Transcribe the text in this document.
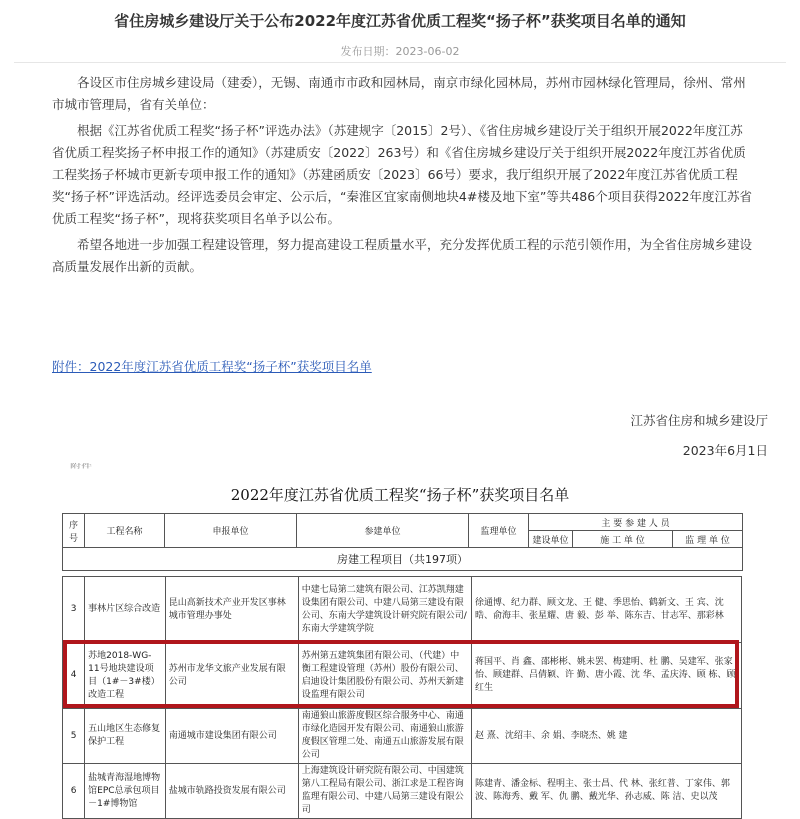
省住房城乡建设厅关于公布2022年度江苏省优质工程奖“扬子杯”获奖项目名单的通知
发布日期：2023-06-02

各设区市住房城乡建设局（建委），无锡、南通市市政和园林局，南京市绿化园林局，苏州市园林绿化管理局，徐州、常州市城市管理局，省有关单位：

根据《江苏省优质工程奖“扬子杯”评选办法》（苏建规字〔2015〕2号）、《省住房城乡建设厅关于组织开展2022年度江苏省优质工程奖扬子杯申报工作的通知》（苏建质安〔2022〕263号）和《省住房城乡建设厅关于组织开展2022年度江苏省优质工程奖扬子杯城市更新专项申报工作的通知》（苏建函质安〔2023〕66号）要求，我厅组织开展了2022年度江苏省优质工程奖“扬子杯”评选活动。经评选委员会审定、公示后，“秦淮区宜家南侧地块4#楼及地下室”等共486个项目获得2022年度江苏省优质工程奖“扬子杯”，现将获奖项目名单予以公布。

希望各地进一步加强工程建设管理，努力提高建设工程质量水平，充分发挥优质工程的示范引领作用，为全省住房城乡建设高质量发展作出新的贡献。

附件：2022年度江苏省优质工程奖“扬子杯”获奖项目名单
江苏省住房和城乡建设厅
2023年6月1日
附件
2022年度江苏省优质工程奖“扬子杯”获奖项目名单
序号	工程名称	申报单位	参建单位	监理单位	主 要 参 建 人 员		
					建设单位	施 工 单 位	监 理 单 位
房建工程项目（共197项）							
3	事林片区综合改造	昆山高新技术产业开发区事林城市管理办事处	中建七局第二建筑有限公司、江苏凯翔建设集团有限公司、中建八局第三建设有限公司、东南大学建筑设计研究院有限公司/东南大学建筑学院	徐通博、纪力群、顾文龙、王 健、季思怡、鹤新文、王 宾、沈 晧、俞海丰、张星耀、唐 毅、彭 举、陈东吉、甘志军、那彩林
4	苏地2018-WG-11号地块建设项目（1#－3#楼）改造工程	苏州市龙华文旅产业发展有限公司	苏州第五建筑集团有限公司、（代建）中衡工程建设管理（苏州）股份有限公司、启迪设计集团股份有限公司、苏州天新建设监理有限公司	蒋国平、肖 鑫、邵彬彬、姚未罢、梅建明、杜 鹏、吴建军、张家怡、顾建群、吕倩颖、许 勤、唐小霞、沈 华、孟庆涛、顾 栋、顾红生
5	五山地区生态修复保护工程	南通城市建设集团有限公司	南通狼山旅游度假区综合服务中心、南通市绿化造园开发有限公司、南通狼山旅游度假区管理二处、南通五山旅游发展有限公司	赵 熹、沈绍丰、余 娟、李晓杰、姚 建
6	盐城青海湿地博物馆EPC总承包项目－1#博物馆	盐城市轨路投资发展有限公司	上海建筑设计研究院有限公司、中国建筑第八工程局有限公司、浙江求是工程咨询监理有限公司、中建八局第三建设有限公司	陈建青、潘金标、程明主、张士昌、代 林、张红普、丁家伟、郭 波、陈海秀、戴 军、仇 鹏、戴光华、孙志威、陈 洁、史以茂
